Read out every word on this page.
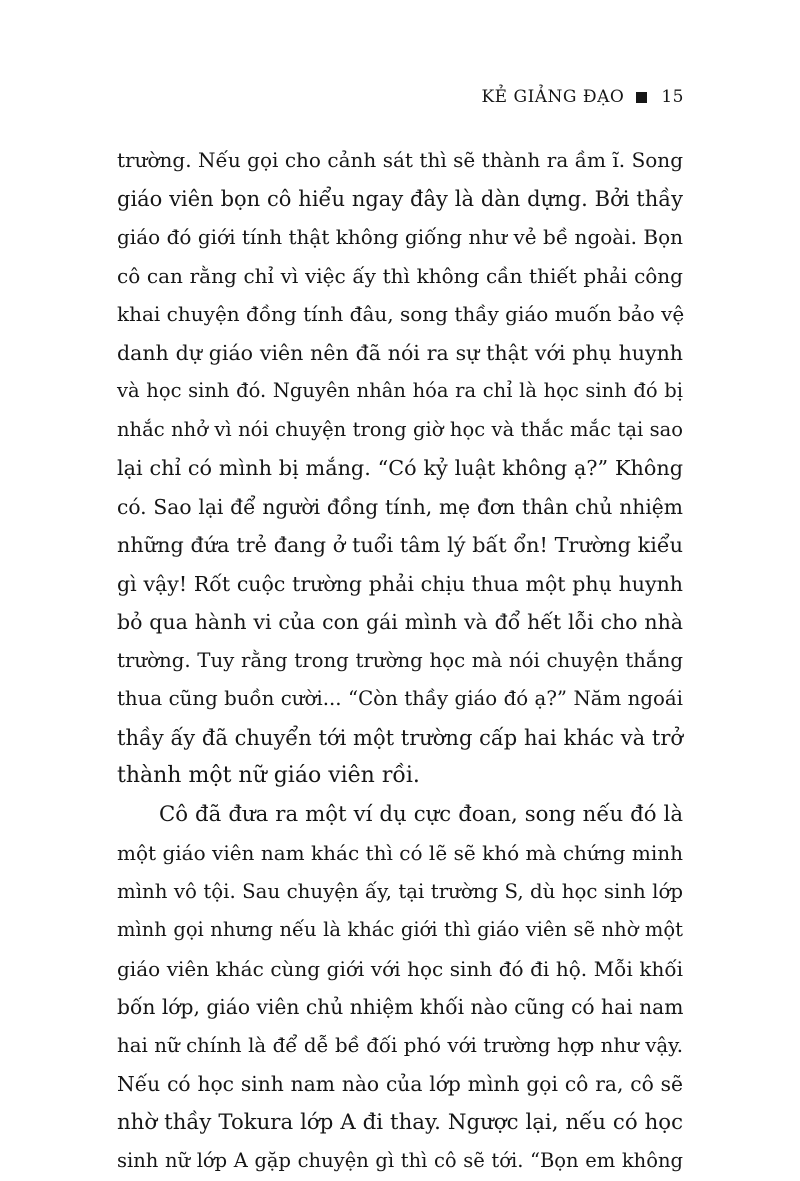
KẺ GIẢNG ĐẠO 15
trường. Nếu gọi cho cảnh sát thì sẽ thành ra ầm ĩ. Song
giáo viên bọn cô hiểu ngay đây là dàn dựng. Bởi thầy
giáo đó giới tính thật không giống như vẻ bề ngoài. Bọn
cô can rằng chỉ vì việc ấy thì không cần thiết phải công
khai chuyện đồng tính đâu, song thầy giáo muốn bảo vệ
danh dự giáo viên nên đã nói ra sự thật với phụ huynh
và học sinh đó. Nguyên nhân hóa ra chỉ là học sinh đó bị
nhắc nhở vì nói chuyện trong giờ học và thắc mắc tại sao
lại chỉ có mình bị mắng. “Có kỷ luật không ạ?” Không
có. Sao lại để người đồng tính, mẹ đơn thân chủ nhiệm
những đứa trẻ đang ở tuổi tâm lý bất ổn! Trường kiểu
gì vậy! Rốt cuộc trường phải chịu thua một phụ huynh
bỏ qua hành vi của con gái mình và đổ hết lỗi cho nhà
trường. Tuy rằng trong trường học mà nói chuyện thắng
thua cũng buồn cười... “Còn thầy giáo đó ạ?” Năm ngoái
thầy ấy đã chuyển tới một trường cấp hai khác và trở
thành một nữ giáo viên rồi.
Cô đã đưa ra một ví dụ cực đoan, song nếu đó là
một giáo viên nam khác thì có lẽ sẽ khó mà chứng minh
mình vô tội. Sau chuyện ấy, tại trường S, dù học sinh lớp
mình gọi nhưng nếu là khác giới thì giáo viên sẽ nhờ một
giáo viên khác cùng giới với học sinh đó đi hộ. Mỗi khối
bốn lớp, giáo viên chủ nhiệm khối nào cũng có hai nam
hai nữ chính là để dễ bề đối phó với trường hợp như vậy.
Nếu có học sinh nam nào của lớp mình gọi cô ra, cô sẽ
nhờ thầy Tokura lớp A đi thay. Ngược lại, nếu có học
sinh nữ lớp A gặp chuyện gì thì cô sẽ tới. “Bọn em không
